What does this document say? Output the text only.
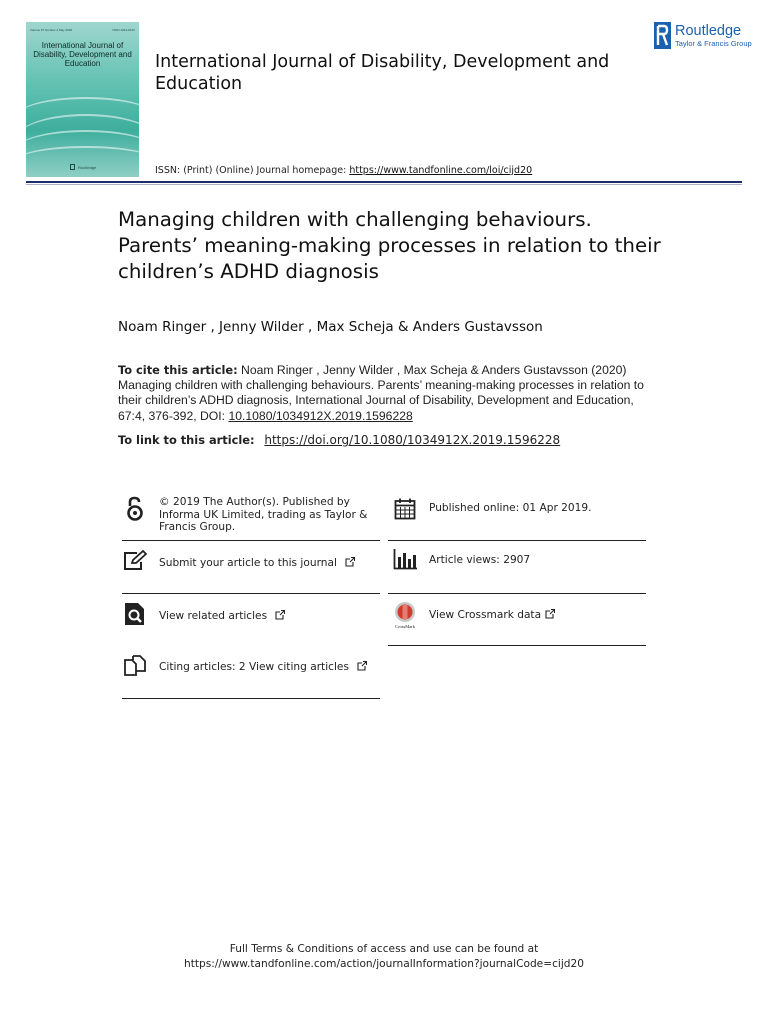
Volume 67 Number 4 May 2020	ISSN 1034-912X
International Journal of Disability, Development and Education
Routledge
International Journal of Disability, Development and Education
ISSN: (Print) (Online) Journal homepage: https://www.tandfonline.com/loi/cijd20
Routledge
Taylor & Francis Group
Managing children with challenging behaviours. Parents’ meaning-making processes in relation to their children’s ADHD diagnosis
Noam Ringer , Jenny Wilder , Max Scheja & Anders Gustavsson
To cite this article: Noam Ringer , Jenny Wilder , Max Scheja & Anders Gustavsson (2020) Managing children with challenging behaviours. Parents’ meaning-making processes in relation to their children’s ADHD diagnosis, International Journal of Disability, Development and Education, 67:4, 376-392, DOI: 10.1080/1034912X.2019.1596228
To link to this article: https://doi.org/10.1080/1034912X.2019.1596228
© 2019 The Author(s). Published by Informa UK Limited, trading as Taylor & Francis Group.
Published online: 01 Apr 2019.
Submit your article to this journal	Article views: 2907
View related articles
CrossMark
View Crossmark data
Citing articles: 2 View citing articles
Full Terms & Conditions of access and use can be found at
https://www.tandfonline.com/action/journalInformation?journalCode=cijd20
